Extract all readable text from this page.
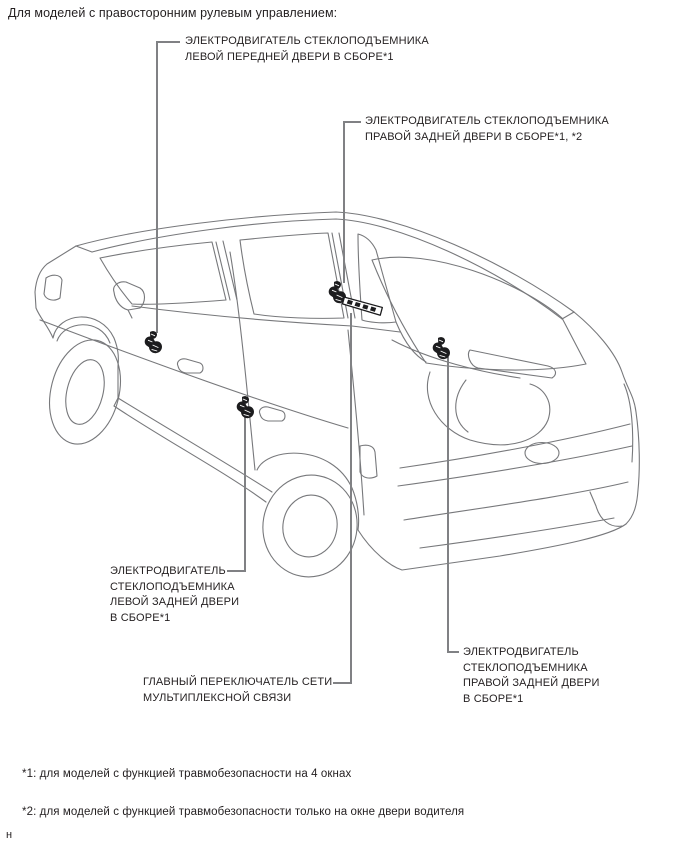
Для моделей с правосторонним рулевым управлением:
ЭЛЕКТРОДВИГАТЕЛЬ СТЕКЛОПОДЪЕМНИКА
ЛЕВОЙ ПЕРЕДНЕЙ ДВЕРИ В СБОРЕ*1
ЭЛЕКТРОДВИГАТЕЛЬ СТЕКЛОПОДЪЕМНИКА
ПРАВОЙ ЗАДНЕЙ ДВЕРИ В СБОРЕ*1, *2
ЭЛЕКТРОДВИГАТЕЛЬ
СТЕКЛОПОДЪЕМНИКА
ЛЕВОЙ ЗАДНЕЙ ДВЕРИ
В СБОРЕ*1
ГЛАВНЫЙ ПЕРЕКЛЮЧАТЕЛЬ СЕТИ
МУЛЬТИПЛЕКСНОЙ СВЯЗИ
ЭЛЕКТРОДВИГАТЕЛЬ
СТЕКЛОПОДЪЕМНИКА
ПРАВОЙ ЗАДНЕЙ ДВЕРИ
В СБОРЕ*1
*1: для моделей с функцией травмобезопасности на 4 окнах
*2: для моделей с функцией травмобезопасности только на окне двери водителя
н
